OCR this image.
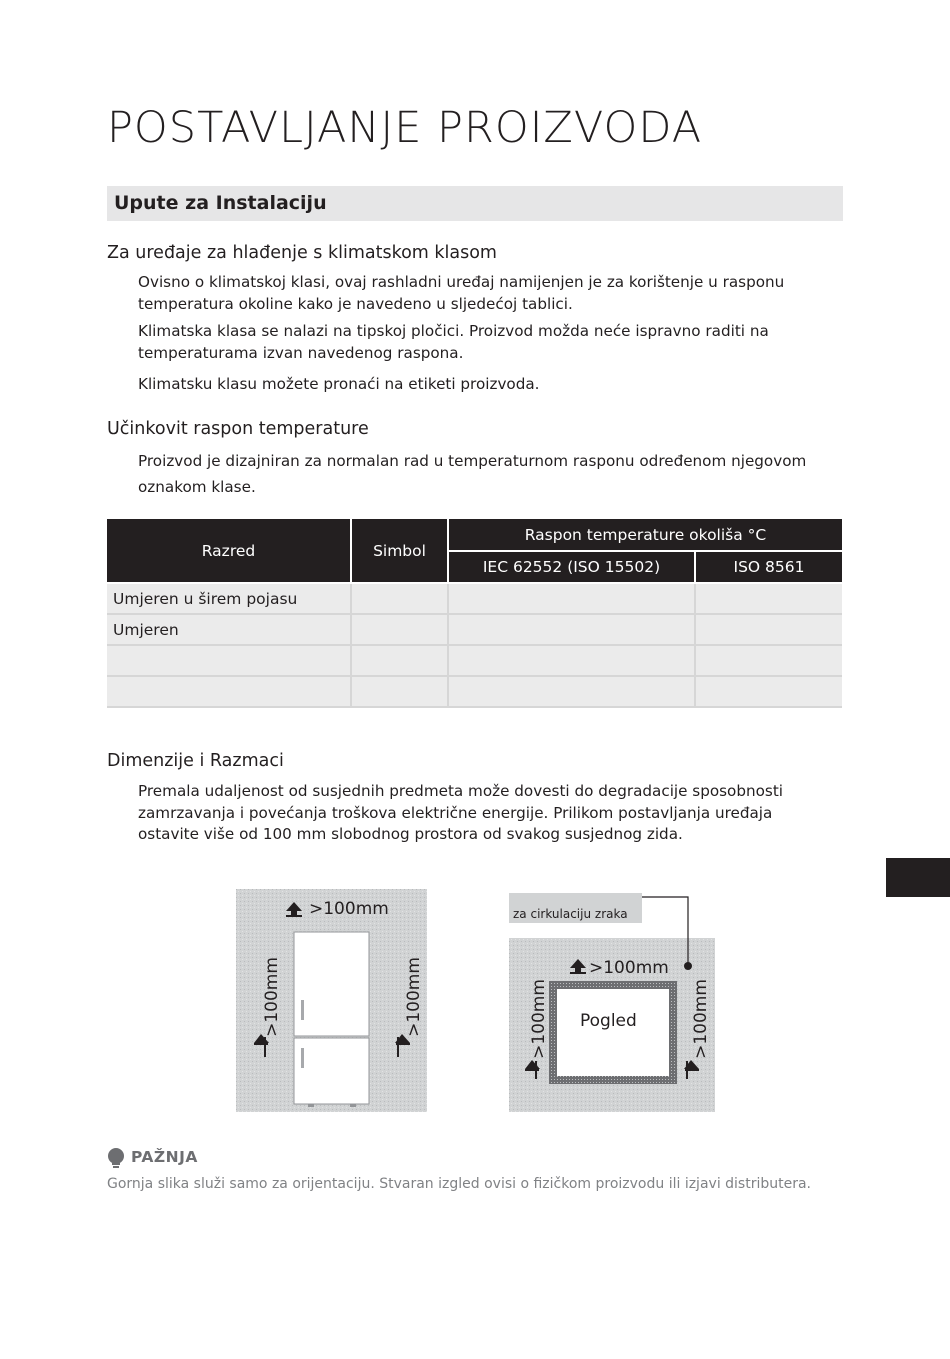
POSTAVLJANJE PROIZVODA
Upute za Instalaciju
Za uređaje za hlađenje s klimatskom klasom
Ovisno o klimatskoj klasi, ovaj rashladni uređaj namijenjen je za korištenje u rasponu temperatura okoline kako je navedeno u sljedećoj tablici.
Klimatska klasa se nalazi na tipskoj pločici. Proizvod možda neće ispravno raditi na temperaturama izvan navedenog raspona.
Klimatsku klasu možete pronaći na etiketi proizvoda.
Učinkovit raspon temperature
Proizvod je dizajniran za normalan rad u temperaturnom rasponu određenom njegovom oznakom klase.
Razred	Simbol	Raspon temperature okoliša °C	
		IEC 62552 (ISO 15502)	ISO 8561
Umjeren u širem pojasu			
Umjeren			

Dimenzije i Razmaci
Premala udaljenost od susjednih predmeta može dovesti do degradacije sposobnosti zamrzavanja i povećanja troškova električne energije. Prilikom postavljanja uređaja ostavite više od 100 mm slobodnog prostora od svakog susjednog zida.
>100mm
>100mm	>100mm
za cirkulaciju zraka
>100mm
Pogled
>100mm	>100mm
PAŽNJA
Gornja slika služi samo za orijentaciju. Stvaran izgled ovisi o fizičkom proizvodu ili izjavi distributera.
